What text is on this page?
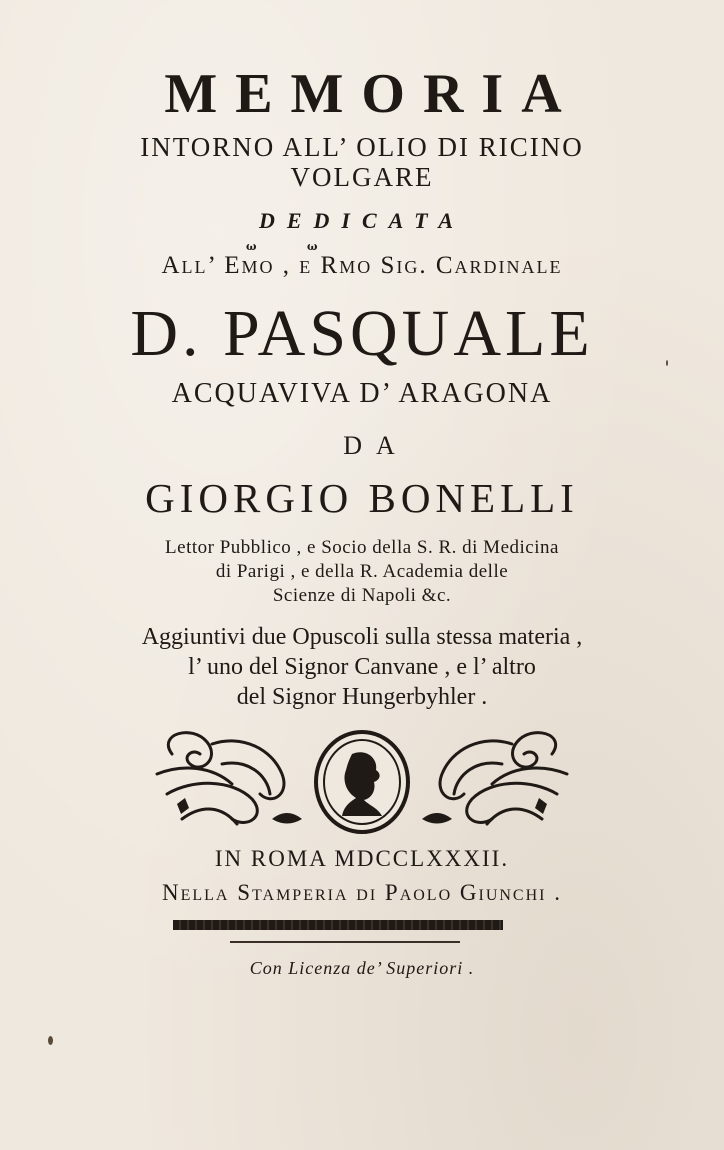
MEMORIA
INTORNO ALL’ OLIO DI RICINO
VOLGARE
DEDICATA
ω	ω
All’ Emo , e Rmo Sig. Cardinale
D. PASQUALE
ACQUAVIVA D’ ARAGONA
DA
GIORGIO BONELLI
Lettor Pubblico , e Socio della S. R. di Medicina
di Parigi , e della R. Academia delle
Scienze di Napoli &c.
Aggiuntivi due Opuscoli sulla stessa materia ,
l’ uno del Signor Canvane , e l’ altro
del Signor Hungerbyhler .
IN ROMA MDCCLXXXII.
Nella Stamperia di Paolo Giunchi .
Con Licenza de’ Superiori .
